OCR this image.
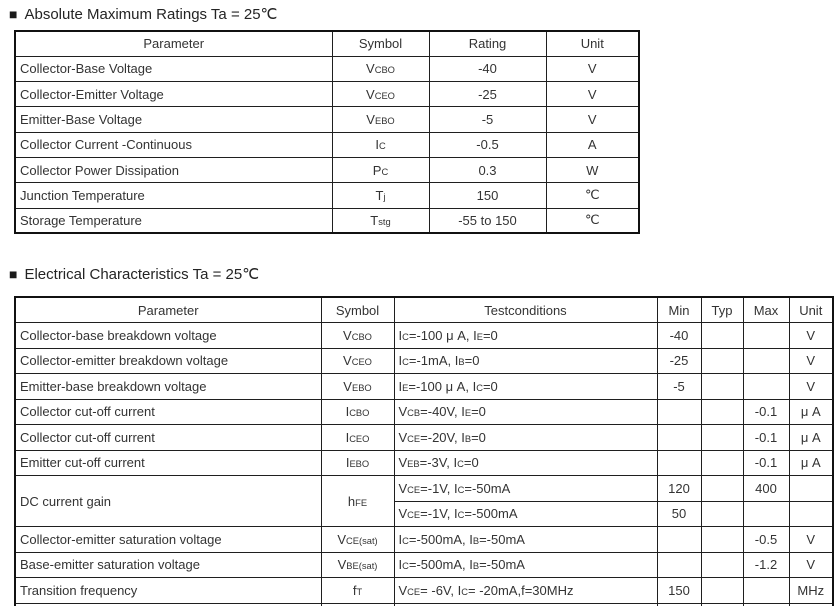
■ Absolute Maximum Ratings Ta = 25℃
Parameter	Symbol	Rating	Unit
Collector-Base Voltage	VCBO	-40	V
Collector-Emitter Voltage	VCEO	-25	V
Emitter-Base Voltage	VEBO	-5	V
Collector Current -Continuous	IC	-0.5	A
Collector Power Dissipation	PC	0.3	W
Junction Temperature	Tj	150	℃
Storage Temperature	Tstg	-55 to 150	℃
■ Electrical Characteristics Ta = 25℃
Parameter	Symbol	Testconditions	Min	Typ	Max	Unit
Collector-base breakdown voltage	VCBO	IC=-100 μ A, IE=0	-40			V
Collector-emitter breakdown voltage	VCEO	IC=-1mA, IB=0	-25			V
Emitter-base breakdown voltage	VEBO	IE=-100 μ A, IC=0	-5			V
Collector cut-off current	ICBO	VCB=-40V, IE=0			-0.1	μ A
Collector cut-off current	ICEO	VCE=-20V, IB=0			-0.1	μ A
Emitter cut-off current	IEBO	VEB=-3V, IC=0			-0.1	μ A
DC current gain	hFE	VCE=-1V, IC=-50mA	120		400	
		VCE=-1V, IC=-500mA	50			
Collector-emitter saturation voltage	VCE(sat)	IC=-500mA, IB=-50mA			-0.5	V
Base-emitter saturation voltage	VBE(sat)	IC=-500mA, IB=-50mA			-1.2	V
Transition frequency	fT	VCE= -6V, IC= -20mA,f=30MHz	150			MHz
